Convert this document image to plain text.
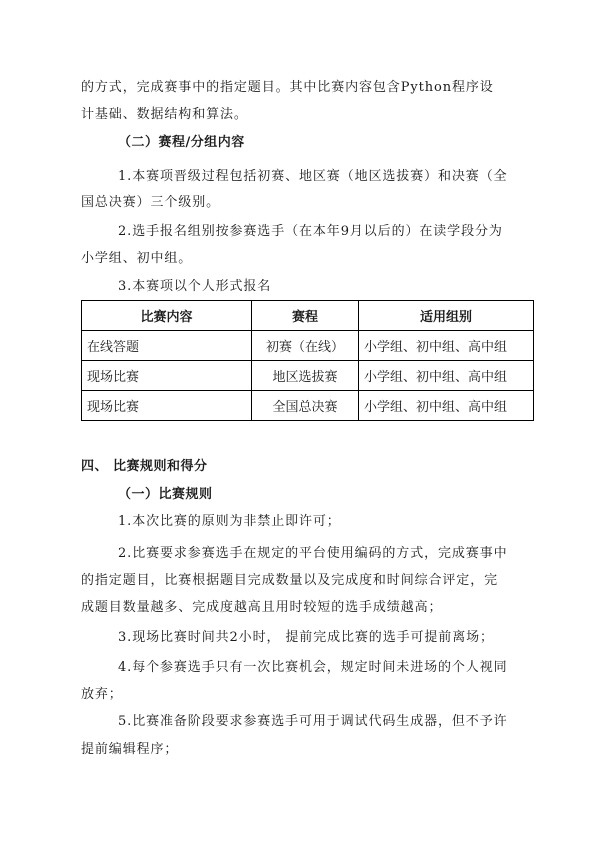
的方式，完成赛事中的指定题目。其中比赛内容包含Python程序设
计基础、数据结构和算法。
（二）赛程/分组内容
1.本赛项晋级过程包括初赛、地区赛（地区选拔赛）和决赛（全
国总决赛）三个级别。
2.选手报名组别按参赛选手（在本年9月以后的）在读学段分为
小学组、初中组。
3.本赛项以个人形式报名
比赛内容	赛程	适用组别
在线答题	初赛（在线）	小学组、初中组、高中组
现场比赛	地区选拔赛	小学组、初中组、高中组
现场比赛	全国总决赛	小学组、初中组、高中组
四、 比赛规则和得分
（一）比赛规则
1.本次比赛的原则为非禁止即许可；
2.比赛要求参赛选手在规定的平台使用编码的方式，完成赛事中
的指定题目，比赛根据题目完成数量以及完成度和时间综合评定，完
成题目数量越多、完成度越高且用时较短的选手成绩越高；
3.现场比赛时间共2小时， 提前完成比赛的选手可提前离场；
4.每个参赛选手只有一次比赛机会，规定时间未进场的个人视同
放弃；
5.比赛准备阶段要求参赛选手可用于调试代码生成器，但不予许
提前编辑程序；
